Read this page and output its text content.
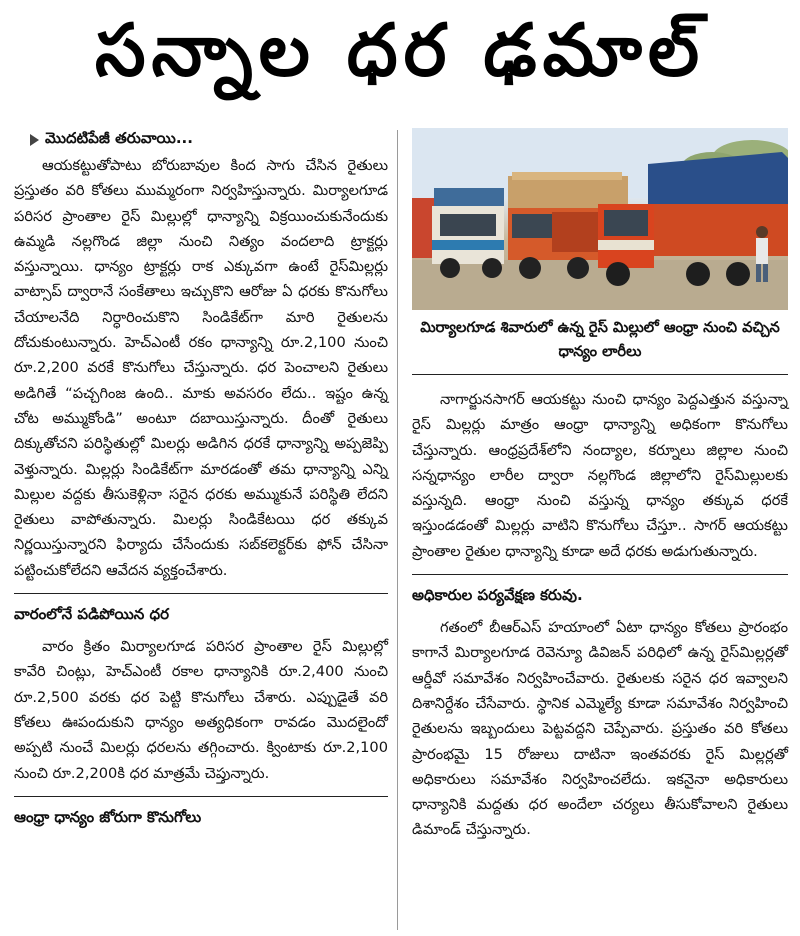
సన్నాల ధర ఢమాల్
మొదటిపేజీ తరువాయి...

ఆయకట్టుతోపాటు బోరుబావుల కింద సాగు చేసిన రైతులు ప్రస్తుతం వరి కోతలు ముమ్మరంగా నిర్వహిస్తున్నారు. మిర్యాలగూడ పరిసర ప్రాంతాల రైస్ మిల్లుల్లో ధాన్యాన్ని విక్రయించుకునేందుకు ఉమ్మడి నల్లగొండ జిల్లా నుంచి నిత్యం వందలాది ట్రాక్టర్లు వస్తున్నాయి. ధాన్యం ట్రాక్టర్లు రాక ఎక్కువగా ఉంటే రైస్‌మిల్లర్లు వాట్సాప్ ద్వారానే సంకేతాలు ఇచ్చుకొని ఆరోజు ఏ ధరకు కొనుగోలు చేయాలనేది నిర్ధారించుకొని సిండికేట్‌గా మారి రైతులను దోచుకుంటున్నారు. హెచ్‌ఎంటీ రకం ధాన్యాన్ని రూ.2,100 నుంచి రూ.2,200 వరకే కొనుగోలు చేస్తున్నారు. ధర పెంచాలని రైతులు అడిగితే “పచ్చగింజ ఉంది.. మాకు అవసరం లేదు.. ఇష్టం ఉన్న చోట అమ్ముకోండి” అంటూ దబాయిస్తున్నారు. దీంతో రైతులు దిక్కుతోచని పరిస్థితుల్లో మిలర్లు అడిగిన ధరకే ధాన్యాన్ని అప్పజెప్పి వెళ్తున్నారు. మిల్లర్లు సిండికేట్‌గా మారడంతో తమ ధాన్యాన్ని ఎన్ని మిల్లుల వద్దకు తీసుకెళ్లినా సరైన ధరకు అమ్ముకునే పరిస్థితి లేదని రైతులు వాపోతున్నారు. మిలర్లు సిండికేటయి ధర తక్కువ నిర్ణయిస్తున్నారని ఫిర్యాదు చేసేందుకు సబ్‌కలెక్టర్‌కు ఫోన్ చేసినా పట్టించుకోలేదని ఆవేదన వ్యక్తంచేశారు.

వారంలోనే పడిపోయిన ధర

వారం క్రితం మిర్యాలగూడ పరిసర ప్రాంతాల రైస్ మిల్లుల్లో కావేరి చింట్లు, హెచ్‌ఎంటీ రకాల ధాన్యానికి రూ.2,400 నుంచి రూ.2,500 వరకు ధర పెట్టి కొనుగోలు చేశారు. ఎప్పుడైతే వరి కోతలు ఊపందుకుని ధాన్యం అత్యధికంగా రావడం మొదలైందో అప్పటి నుంచే మిలర్లు ధరలను తగ్గించారు. క్వింటాకు రూ.2,100 నుంచి రూ.2,200కి ధర మాత్రమే చెప్తున్నారు.

ఆంధ్రా ధాన్యం జోరుగా కొనుగోలు
మిర్యాలగూడ శివారులో ఉన్న రైస్ మిల్లులో ఆంధ్రా నుంచి వచ్చిన ధాన్యం లారీలు

నాగార్జునసాగర్ ఆయకట్టు నుంచి ధాన్యం పెద్దఎత్తున వస్తున్నా రైస్ మిల్లర్లు మాత్రం ఆంధ్రా ధాన్యాన్ని అధికంగా కొనుగోలు చేస్తున్నారు. ఆంధ్రప్రదేశ్‌లోని నంద్యాల, కర్నూలు జిల్లాల నుంచి సన్నధాన్యం లారీల ద్వారా నల్లగొండ జిల్లాలోని రైస్‌మిల్లులకు వస్తున్నది. ఆంధ్రా నుంచి వస్తున్న ధాన్యం తక్కువ ధరకే ఇస్తుండడంతో మిల్లర్లు వాటిని కొనుగోలు చేస్తూ.. సాగర్ ఆయకట్టు ప్రాంతాల రైతుల ధాన్యాన్ని కూడా అదే ధరకు అడుగుతున్నారు.

అధికారుల పర్యవేక్షణ కరువు.

గతంలో బీఆర్‌ఎస్ హయాంలో ఏటా ధాన్యం కోతలు ప్రారంభం కాగానే మిర్యాలగూడ రెవెన్యూ డివిజన్ పరిధిలో ఉన్న రైస్‌మిల్లర్లతో ఆర్డీవో సమావేశం నిర్వహించేవారు. రైతులకు సరైన ధర ఇవ్వాలని దిశానిర్దేశం చేసేవారు. స్థానిక ఎమ్మెల్యే కూడా సమావేశం నిర్వహించి రైతులను ఇబ్బందులు పెట్టవద్దని చెప్పేవారు. ప్రస్తుతం వరి కోతలు ప్రారంభమై 15 రోజులు దాటినా ఇంతవరకు రైస్ మిల్లర్లతో అధికారులు సమావేశం నిర్వహించలేదు. ఇకనైనా అధికారులు ధాన్యానికి మద్దతు ధర అందేలా చర్యలు తీసుకోవాలని రైతులు డిమాండ్ చేస్తున్నారు.
